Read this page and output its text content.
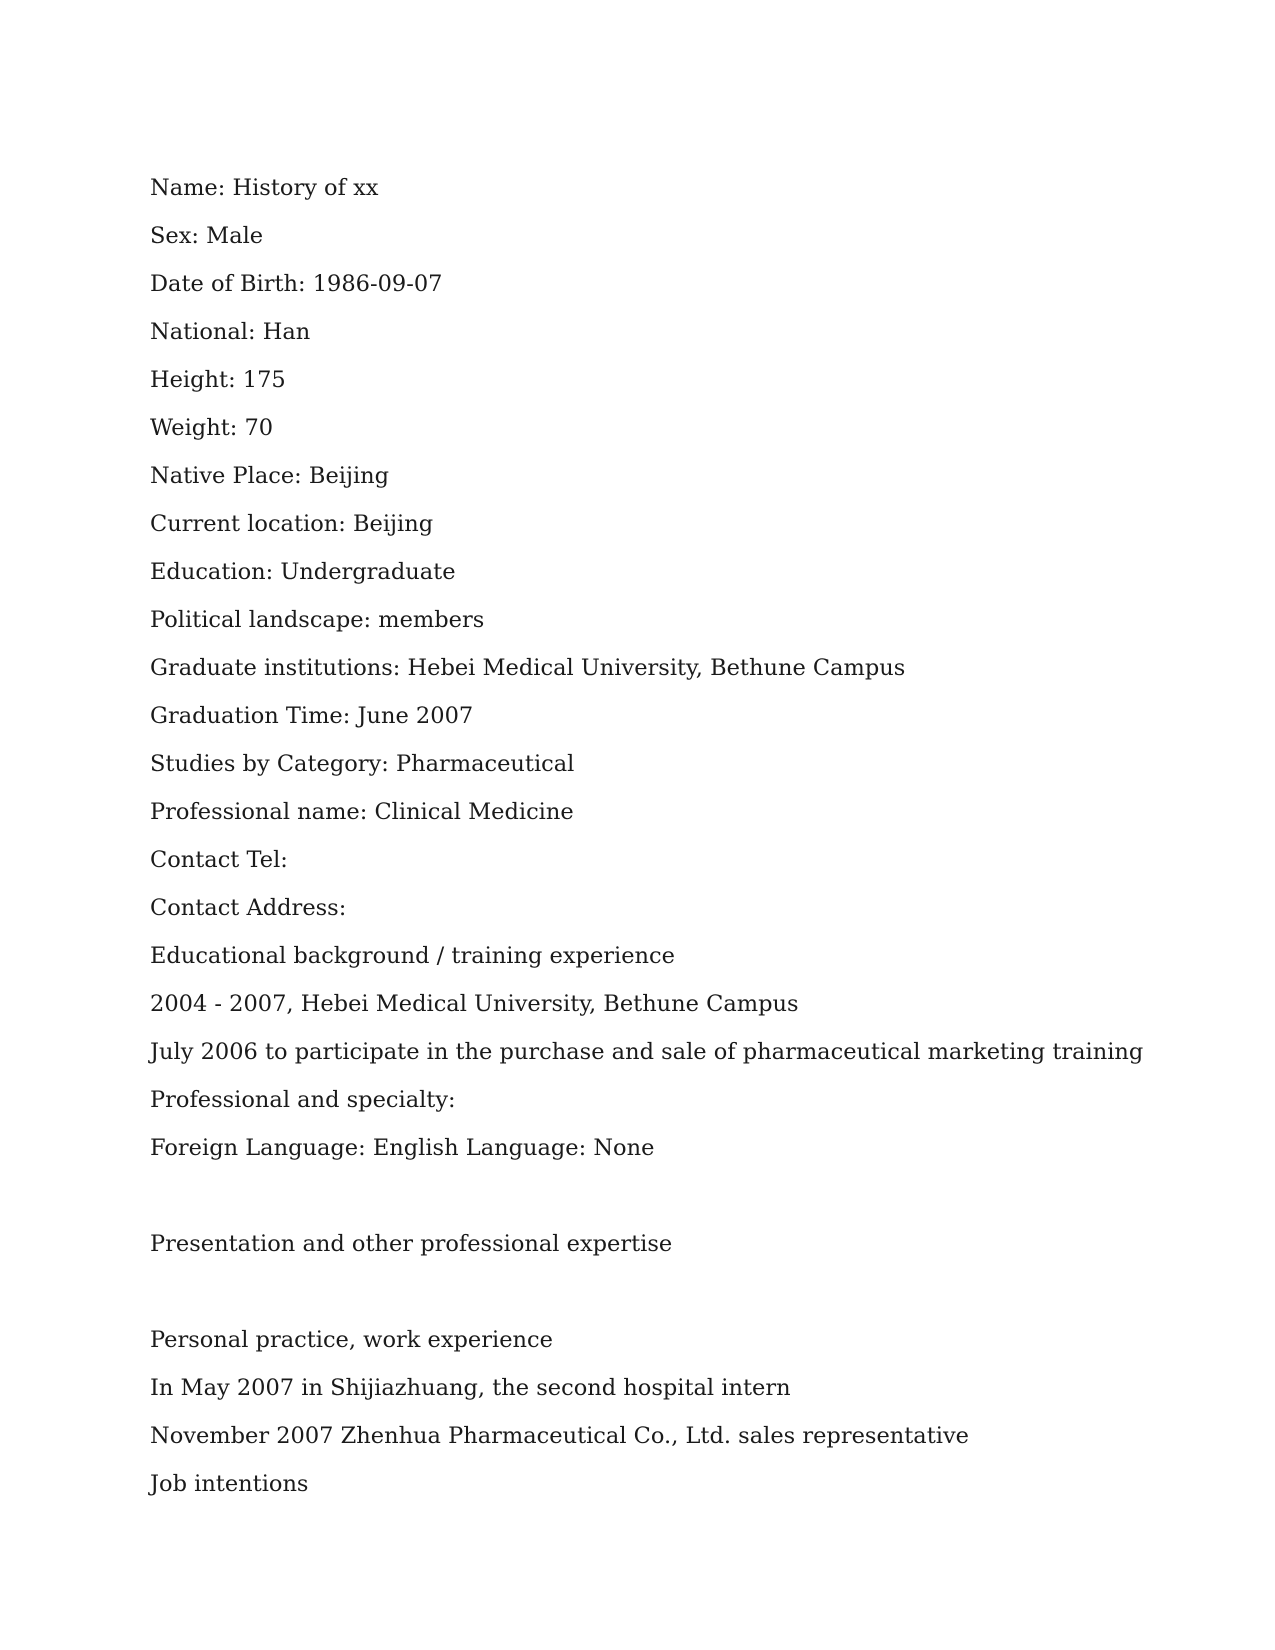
Name: History of xx
Sex: Male
Date of Birth: 1986-09-07
National: Han
Height: 175
Weight: 70
Native Place: Beijing
Current location: Beijing
Education: Undergraduate
Political landscape: members
Graduate institutions: Hebei Medical University, Bethune Campus
Graduation Time: June 2007
Studies by Category: Pharmaceutical
Professional name: Clinical Medicine
Contact Tel:
Contact Address:
Educational background / training experience
2004 - 2007, Hebei Medical University, Bethune Campus
July 2006 to participate in the purchase and sale of pharmaceutical marketing training
Professional and specialty:
Foreign Language: English Language: None
Presentation and other professional expertise
Personal practice, work experience
In May 2007 in Shijiazhuang, the second hospital intern
November 2007 Zhenhua Pharmaceutical Co., Ltd. sales representative
Job intentions
